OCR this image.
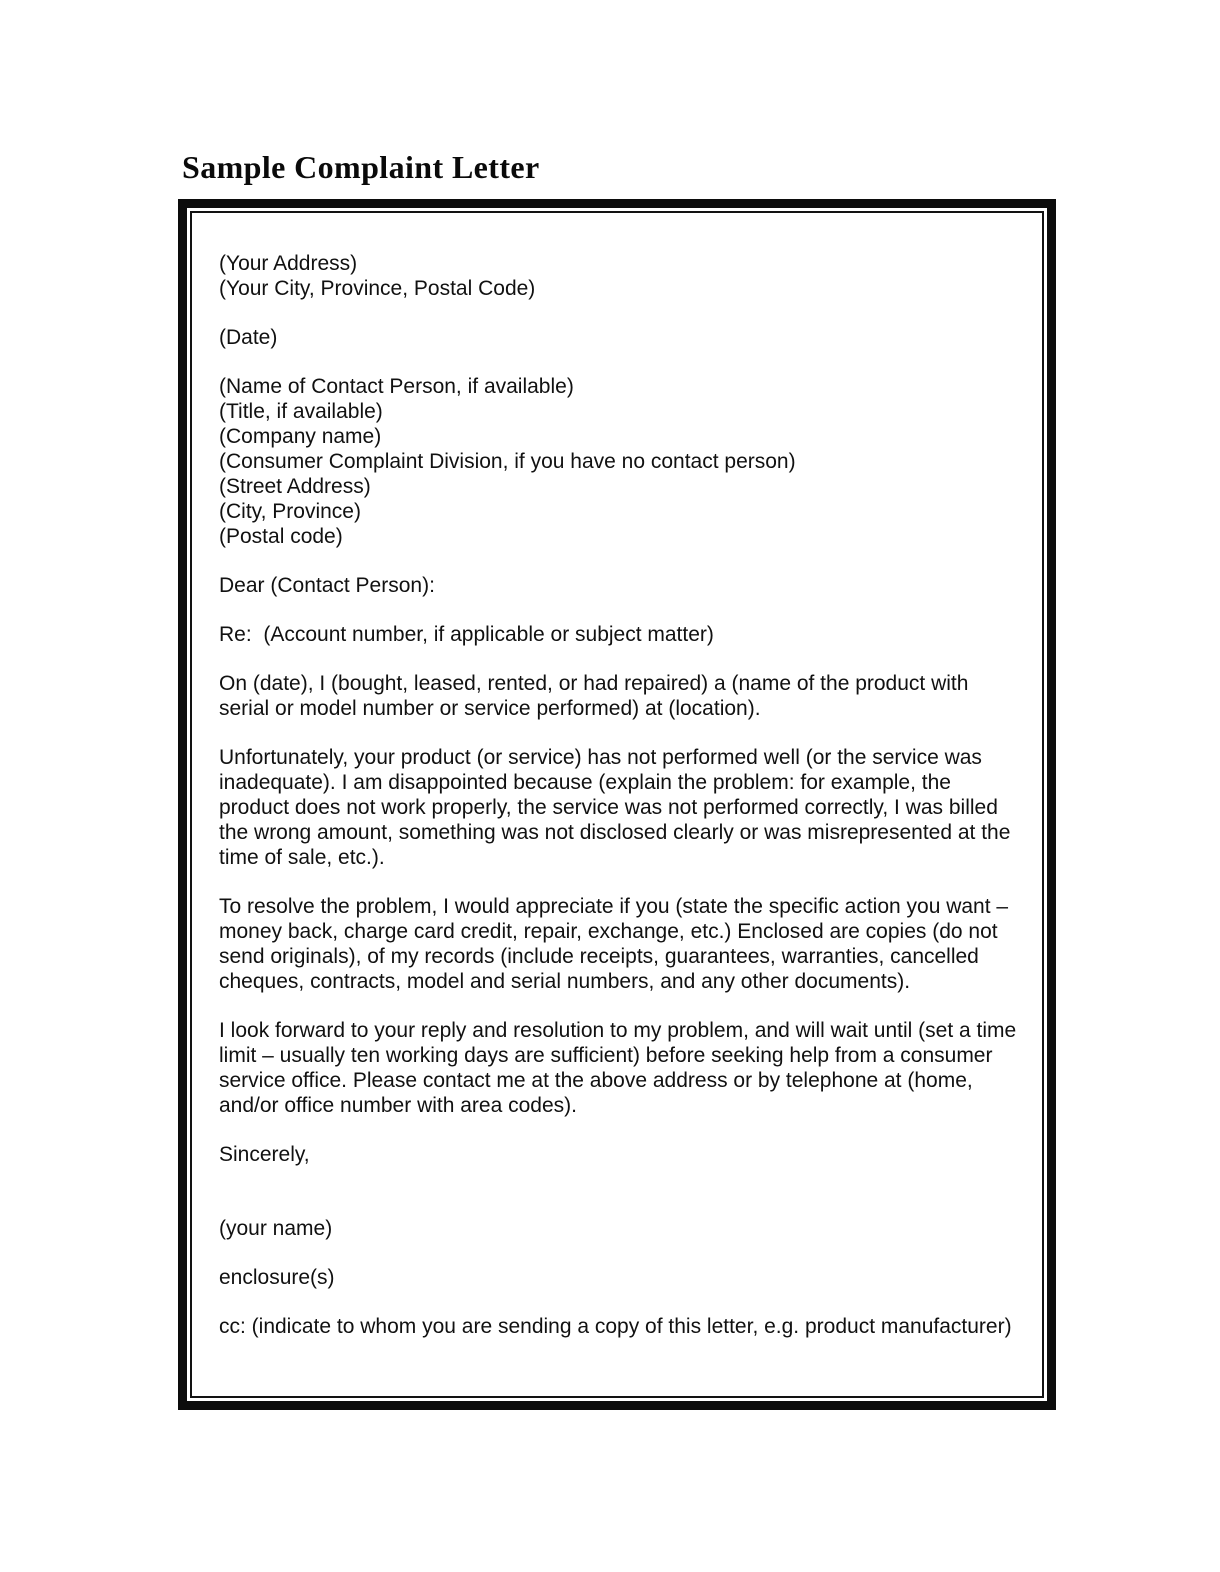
Sample Complaint Letter
(Your Address)
(Your City, Province, Postal Code)
(Date)
(Name of Contact Person, if available)
(Title, if available)
(Company name)
(Consumer Complaint Division, if you have no contact person)
(Street Address)
(City, Province)
(Postal code)

Dear (Contact Person):

Re:  (Account number, if applicable or subject matter)

On (date), I (bought, leased, rented, or had repaired) a (name of the product with serial or model number or service performed) at (location).

Unfortunately, your product (or service) has not performed well (or the service was inadequate). I am disappointed because (explain the problem: for example, the product does not work properly, the service was not performed correctly, I was billed the wrong amount, something was not disclosed clearly or was misrepresented at the time of sale, etc.).

To resolve the problem, I would appreciate if you (state the specific action you want – money back, charge card credit, repair, exchange, etc.) Enclosed are copies (do not send originals), of my records (include receipts, guarantees, warranties, cancelled cheques, contracts, model and serial numbers, and any other documents).

I look forward to your reply and resolution to my problem, and will wait until (set a time limit – usually ten working days are sufficient) before seeking help from a consumer service office. Please contact me at the above address or by telephone at (home, and/or office number with area codes).

Sincerely,

(your name)

enclosure(s)

cc: (indicate to whom you are sending a copy of this letter, e.g. product manufacturer)
